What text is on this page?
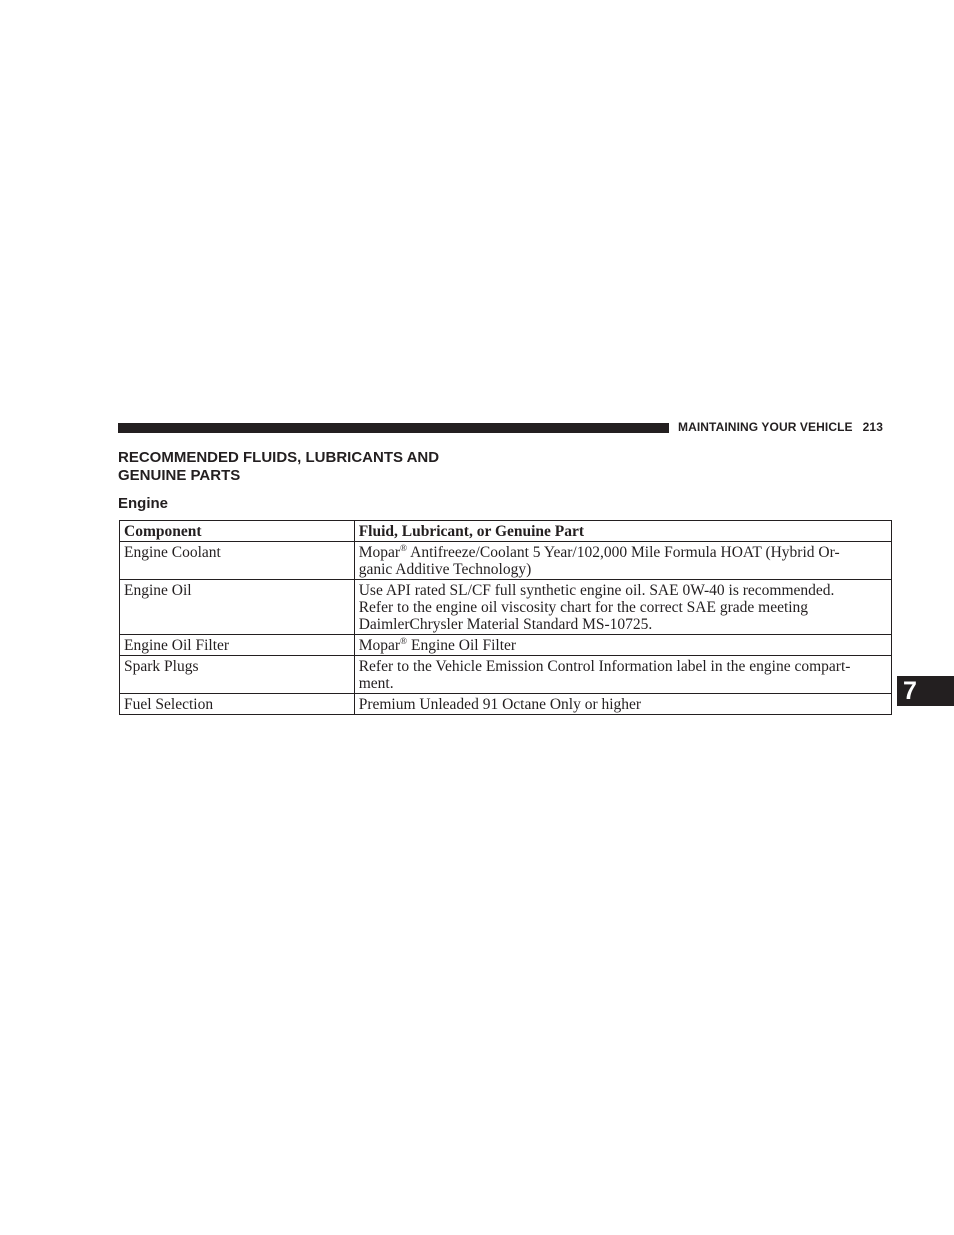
MAINTAINING YOUR VEHICLE 213
RECOMMENDED FLUIDS, LUBRICANTS AND
GENUINE PARTS
Engine
Component	Fluid, Lubricant, or Genuine Part
Engine Coolant	Mopar® Antifreeze/Coolant 5 Year/102,000 Mile Formula HOAT (Hybrid Or-
ganic Additive Technology)
Engine Oil	Use API rated SL/CF full synthetic engine oil. SAE 0W-40 is recommended.
Refer to the engine oil viscosity chart for the correct SAE grade meeting
DaimlerChrysler Material Standard MS-10725.
Engine Oil Filter	Mopar® Engine Oil Filter
Spark Plugs	Refer to the Vehicle Emission Control Information label in the engine compart-
ment.
Fuel Selection	Premium Unleaded 91 Octane Only or higher	7
